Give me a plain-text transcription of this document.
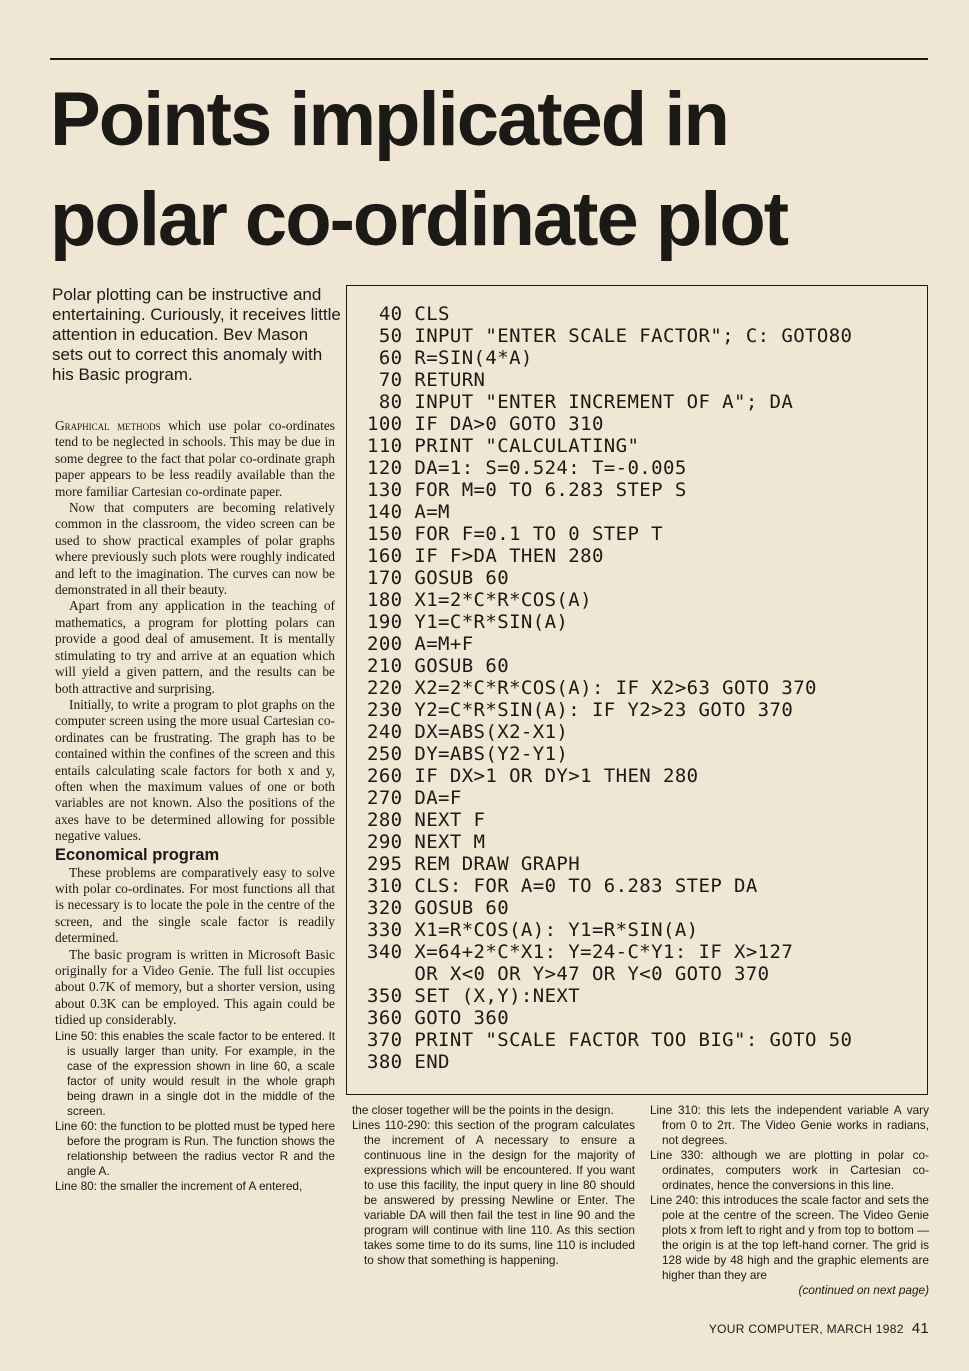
Points implicated in
polar co-ordinate plot

Polar plotting can be instructive and entertaining. Curiously, it receives little attention in education. Bev Mason sets out to correct this anomaly with his Basic program.

Graphical methods which use polar co-ordinates tend to be neglected in schools. This may be due in some degree to the fact that polar co-ordinate graph paper appears to be less readily available than the more familiar Cartesian co-ordinate paper.

Now that computers are becoming relatively common in the classroom, the video screen can be used to show practical examples of polar graphs where previously such plots were roughly indicated and left to the imagination. The curves can now be demonstrated in all their beauty.

Apart from any application in the teaching of mathematics, a program for plotting polars can provide a good deal of amusement. It is mentally stimulating to try and arrive at an equation which will yield a given pattern, and the results can be both attractive and surprising.

Initially, to write a program to plot graphs on the computer screen using the more usual Cartesian co-ordinates can be frustrating. The graph has to be contained within the confines of the screen and this entails calculating scale factors for both x and y, often when the maximum values of one or both variables are not known. Also the positions of the axes have to be determined allowing for possible negative values.

Economical program

These problems are comparatively easy to solve with polar co-ordinates. For most functions all that is necessary is to locate the pole in the centre of the screen, and the single scale factor is readily determined.

The basic program is written in Microsoft Basic originally for a Video Genie. The full list occupies about 0.7K of memory, but a shorter version, using about 0.3K can be employed. This again could be tidied up considerably.

Line 50: this enables the scale factor to be entered. It is usually larger than unity. For example, in the case of the expression shown in line 60, a scale factor of unity would result in the whole graph being drawn in a single dot in the middle of the screen.

Line 60: the function to be plotted must be typed here before the program is Run. The function shows the relationship between the radius vector R and the angle A.

Line 80: the smaller the increment of A entered,

40 CLS
50 INPUT "ENTER SCALE FACTOR"; C: GOTO80
60 R=SIN(4*A)
70 RETURN
80 INPUT "ENTER INCREMENT OF A"; DA
100 IF DA>0 GOTO 310
110 PRINT "CALCULATING"
120 DA=1: S=0.524: T=-0.005
130 FOR M=0 TO 6.283 STEP S
140 A=M
150 FOR F=0.1 TO 0 STEP T
160 IF F>DA THEN 280
170 GOSUB 60
180 X1=2*C*R*COS(A)
190 Y1=C*R*SIN(A)
200 A=M+F
210 GOSUB 60
220 X2=2*C*R*COS(A): IF X2>63 GOTO 370
230 Y2=C*R*SIN(A): IF Y2>23 GOTO 370
240 DX=ABS(X2-X1)
250 DY=ABS(Y2-Y1)
260 IF DX>1 OR DY>1 THEN 280
270 DA=F
280 NEXT F
290 NEXT M
295 REM DRAW GRAPH
310 CLS: FOR A=0 TO 6.283 STEP DA
320 GOSUB 60
330 X1=R*COS(A): Y1=R*SIN(A)
340 X=64+2*C*X1: Y=24-C*Y1: IF X>127
OR X<0 OR Y>47 OR Y<0 GOTO 370
350 SET (X,Y):NEXT
360 GOTO 360
370 PRINT "SCALE FACTOR TOO BIG": GOTO 50
380 END

the closer together will be the points in the design.

Lines 110-290: this section of the program calculates the increment of A necessary to ensure a continuous line in the design for the majority of expressions which will be encountered. If you want to use this facility, the input query in line 80 should be answered by pressing Newline or Enter. The variable DA will then fail the test in line 90 and the program will continue with line 110. As this section takes some time to do its sums, line 110 is included to show that something is happening.

Line 310: this lets the independent variable A vary from 0 to 2π. The Video Genie works in radians, not degrees.

Line 330: although we are plotting in polar co-ordinates, computers work in Cartesian co-ordinates, hence the conversions in this line.

Line 240: this introduces the scale factor and sets the pole at the centre of the screen. The Video Genie plots x from left to right and y from top to bottom — the origin is at the top left-hand corner. The grid is 128 wide by 48 high and the graphic elements are higher than they are

(continued on next page)

YOUR COMPUTER, MARCH 1982 41
